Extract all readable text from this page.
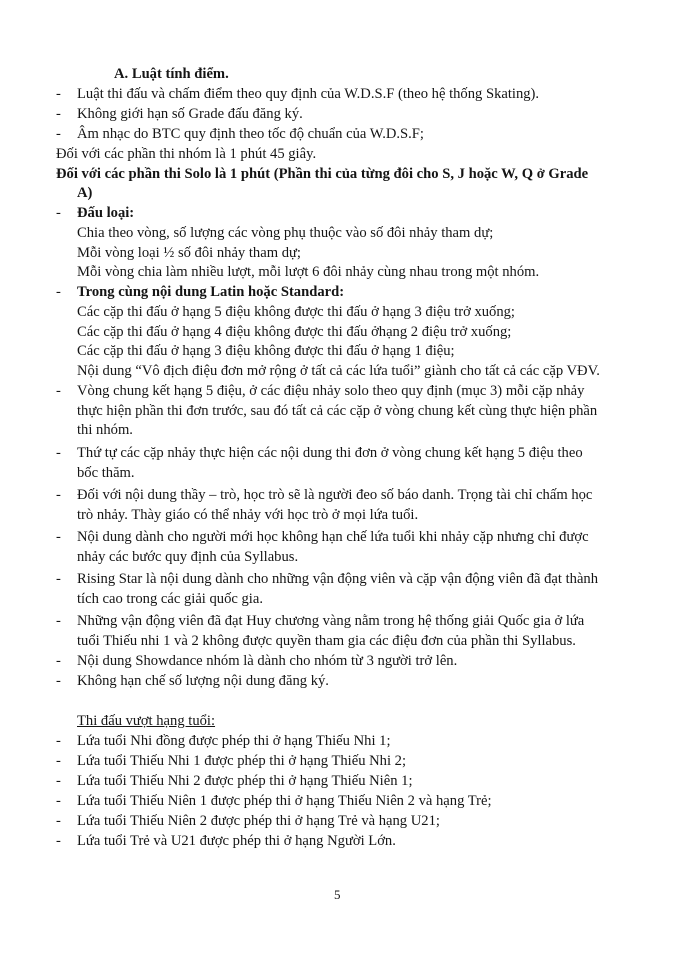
A. Luật tính điểm.
- Luật thi đấu và chấm điểm theo quy định của W.D.S.F (theo hệ thống Skating).
- Không giới hạn số Grade đấu đăng ký.
- Âm nhạc do BTC quy định theo tốc độ chuẩn của W.D.S.F;
Đối với các phần thi nhóm là 1 phút 45 giây.
Đối với các phần thi Solo là 1 phút (Phần thi của từng đôi cho S, J hoặc W, Q ở Grade
A)
- Đấu loại:
Chia theo vòng, số lượng các vòng phụ thuộc vào số đôi nhảy tham dự;
Mỗi vòng loại ½ số đôi nhảy tham dự;
Mỗi vòng chia làm nhiều lượt, mỗi lượt 6 đôi nhảy cùng nhau trong một nhóm.
- Trong cùng nội dung Latin hoặc Standard:
Các cặp thi đấu ở hạng 5 điệu không được thi đấu ở hạng 3 điệu trở xuống;
Các cặp thi đấu ở hạng 4 điệu không được thi đấu ởhạng 2 điệu trở xuống;
Các cặp thi đấu ở hạng 3 điệu không được thi đấu ở hạng 1 điệu;
Nội dung “Vô địch điệu đơn mở rộng ở tất cả các lứa tuổi” giành cho tất cả các cặp VĐV.
- Vòng chung kết hạng 5 điệu, ở các điệu nhảy solo theo quy định (mục 3) mỗi cặp nhảy
thực hiện phần thi đơn trước, sau đó tất cả các cặp ở vòng chung kết cùng thực hiện phần
thi nhóm.
- Thứ tự các cặp nhảy thực hiện các nội dung thi đơn ở vòng chung kết hạng 5 điệu theo
bốc thăm.
- Đối với nội dung thầy – trò, học trò sẽ là người đeo số báo danh. Trọng tài chỉ chấm học
trò nhảy. Thày giáo có thể nhảy với học trò ở mọi lứa tuổi.
- Nội dung dành cho người mới học không hạn chế lứa tuổi khi nhảy cặp nhưng chỉ được
nhảy các bước quy định của Syllabus.
- Rising Star là nội dung dành cho những vận động viên và cặp vận động viên đã đạt thành
tích cao trong các giải quốc gia.
- Những vận động viên đã đạt Huy chương vàng nằm trong hệ thống giải Quốc gia ở lứa
tuổi Thiếu nhi 1 và 2 không được quyền tham gia các điệu đơn của phần thi Syllabus.
- Nội dung Showdance nhóm là dành cho nhóm từ 3 người trở lên.
- Không hạn chế số lượng nội dung đăng ký.
Thi đấu vượt hạng tuổi:
- Lứa tuổi Nhi đồng được phép thi ở hạng Thiếu Nhi 1;
- Lứa tuổi Thiếu Nhi 1 được phép thi ở hạng Thiếu Nhi 2;
- Lứa tuổi Thiếu Nhi 2 được phép thi ở hạng Thiếu Niên 1;
- Lứa tuổi Thiếu Niên 1 được phép thi ở hạng Thiếu Niên 2 và hạng Trẻ;
- Lứa tuổi Thiếu Niên 2 được phép thi ở hạng Trẻ và hạng U21;
- Lứa tuổi Trẻ và U21 được phép thi ở hạng Người Lớn.
5
